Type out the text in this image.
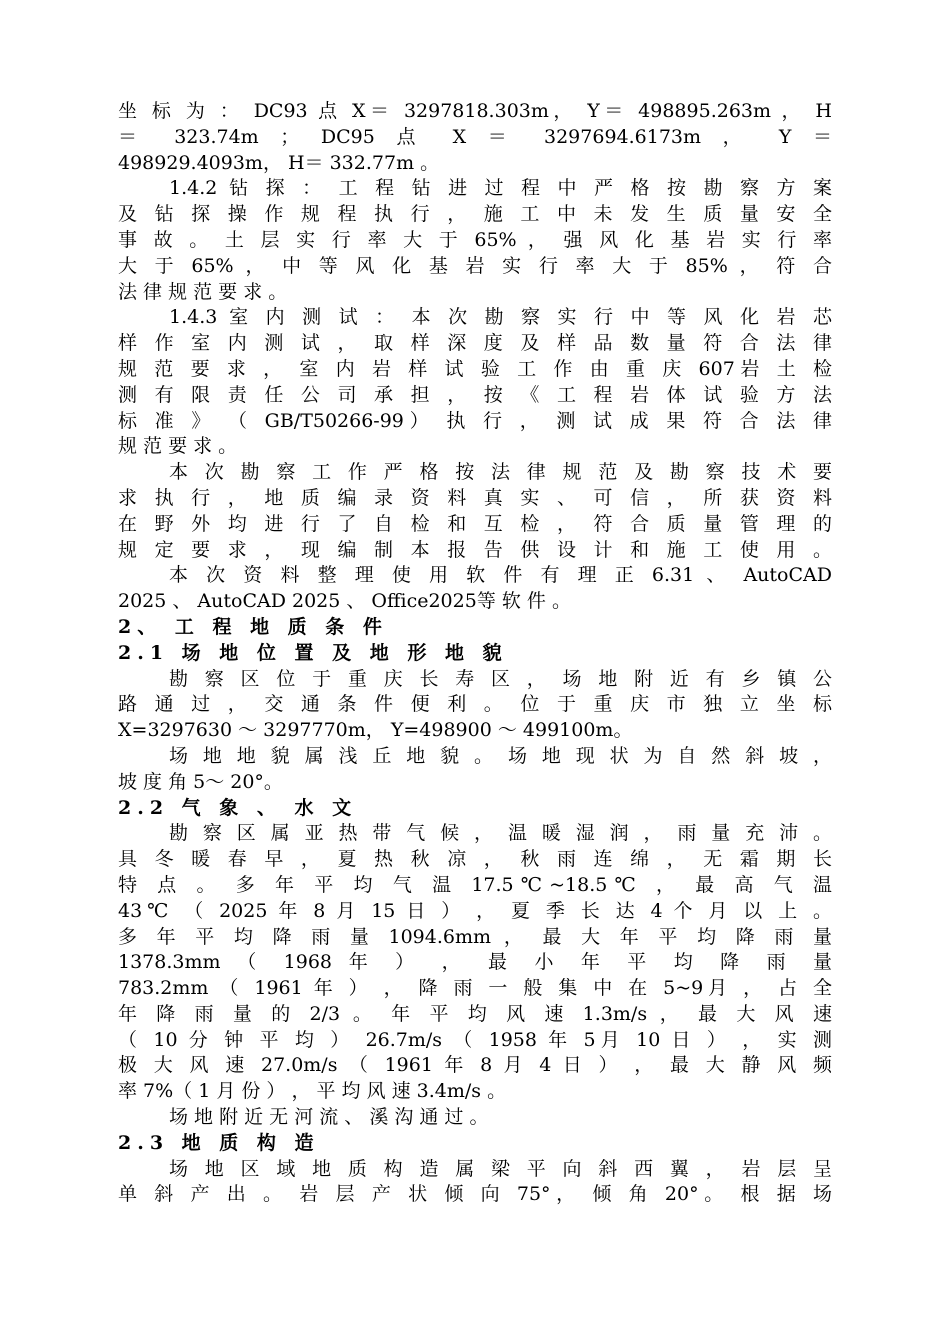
坐 标 为 ： DC93 点 X＝ 3297818.303m， Y＝ 498895.263m ， H
＝ 323.74m ； DC95 点 X ＝ 3297694.6173m ， Y ＝
498929.4093m， H＝ 332.77m 。
1.4.2 钻 探 ： 工 程 钻 进 过 程 中 严 格 按 勘 察 方 案
及 钻 探 操 作 规 程 执 行 ， 施 工 中 未 发 生 质 量 安 全
事 故 。 土 层 实 行 率 大 于 65% ， 强 风 化 基 岩 实 行 率
大 于 65% ， 中 等 风 化 基 岩 实 行 率 大 于 85% ， 符 合
法 律 规 范 要 求 。
1.4.3 室 内 测 试 ： 本 次 勘 察 实 行 中 等 风 化 岩 芯
样 作 室 内 测 试 ， 取 样 深 度 及 样 品 数 量 符 合 法 律
规 范 要 求 ， 室 内 岩 样 试 验 工 作 由 重 庆 607岩 土 检
测 有 限 责 任 公 司 承 担 ， 按 《 工 程 岩 体 试 验 方 法
标 准 》 （ GB/T50266-99） 执 行 ， 测 试 成 果 符 合 法 律
规 范 要 求 。
本 次 勘 察 工 作 严 格 按 法 律 规 范 及 勘 察 技 术 要
求 执 行 ， 地 质 编 录 资 料 真 实 、 可 信 ， 所 获 资 料
在 野 外 均 进 行 了 自 检 和 互 检 ， 符 合 质 量 管 理 的
规 定 要 求 ， 现 编 制 本 报 告 供 设 计 和 施 工 使 用 。
本 次 资 料 整 理 使 用 软 件 有 理 正 6.31 、 AutoCAD
2025 、 AutoCAD 2025 、 Office2025等 软 件 。
2、 工 程 地 质 条 件
2.1 场 地 位 置 及 地 形 地 貌
勘 察 区 位 于 重 庆 长 寿 区 ， 场 地 附 近 有 乡 镇 公
路 通 过 ， 交 通 条 件 便 利 。 位 于 重 庆 市 独 立 坐 标
X=3297630 ～ 3297770m， Y=498900 ～ 499100m。
场 地 地 貌 属 浅 丘 地 貌 。 场 地 现 状 为 自 然 斜 坡 ，
坡 度 角 5～ 20°。
2.2 气 象 、 水 文
勘 察 区 属 亚 热 带 气 候 ， 温 暖 湿 润 ， 雨 量 充 沛 。
具 冬 暖 春 早 ， 夏 热 秋 凉 ， 秋 雨 连 绵 ， 无 霜 期 长
特 点 。 多 年 平 均 气 温 17.5℃~18.5℃ ， 最 高 气 温
43℃ （ 2025 年 8 月 15 日 ） ， 夏 季 长 达 4 个 月 以 上 。
多 年 平 均 降 雨 量 1094.6mm ， 最 大 年 平 均 降 雨 量
1378.3mm （ 1968 年 ） ， 最 小 年 平 均 降 雨 量
783.2mm （ 1961 年 ） ， 降 雨 一 般 集 中 在 5~9月 ， 占 全
年 降 雨 量 的 2/3 。 年 平 均 风 速 1.3m/s ， 最 大 风 速
（ 10 分 钟 平 均 ） 26.7m/s （ 1958 年 5月 10 日 ） ， 实 测
极 大 风 速 27.0m/s （ 1961 年 8 月 4 日 ） ， 最 大 静 风 频
率 7%（ 1 月 份 ） ， 平 均 风 速 3.4m/s 。
场 地 附 近 无 河 流 、 溪 沟 通 过 。
2.3 地 质 构 造
场 地 区 域 地 质 构 造 属 梁 平 向 斜 西 翼 ， 岩 层 呈
单 斜 产 出 。 岩 层 产 状 倾 向 75°， 倾 角 20°。 根 据 场
